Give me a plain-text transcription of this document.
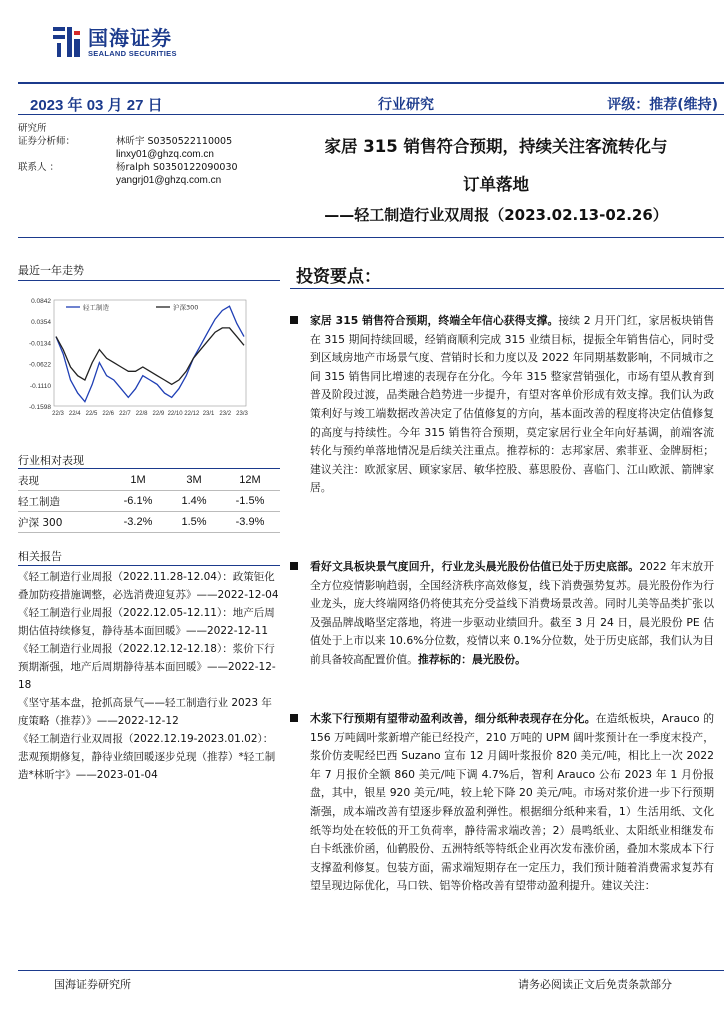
国海证券
SEALAND SECURITIES
2023 年 03 月 27 日	行业研究	评级：推荐(维持)
研究所
证券分析师：	林昕宇 S0350522110005
linxy01@ghzq.com.cn
联系人 ：	杨ralph S0350122090030
yangrj01@ghzq.com.cn
家居 315 销售符合预期，持续关注客流转化与
订单落地
——轻工制造行业双周报（2023.02.13-02.26）
最近一年走势
0.0842
0.0354
-0.0134
-0.0622
-0.1110
-0.1598
22/3 22/4 22/5 22/6 22/7 22/8 22/9 22/10 22/12 23/1 23/2 23/3
轻工制造	沪深300
行业相对表现
表现	1M	3M	12M
轻工制造	-6.1%	1.4%	-1.5%
沪深 300	-3.2%	1.5%	-3.9%
相关报告
《轻工制造行业周报（2022.11.28-12.04）：政策钜化叠加防疫措施调整，必选消费迎复苏》——2022-12-04
《轻工制造行业周报（2022.12.05-12.11）：地产后周期估值持续修复，静待基本面回暖》——2022-12-11
《轻工制造行业周报（2022.12.12-12.18）：浆价下行预期渐强，地产后周期静待基本面回暖》——2022-12-18
《坚守基本盘，抢抓高景气——轻工制造行业 2023 年度策略（推荐）》——2022-12-12
《轻工制造行业双周报（2022.12.19-2023.01.02）：悲观预期修复，静待业绩回暖逐步兑现（推荐）*轻工制造*林昕宇》——2023-01-04
投资要点：
家居 315 销售符合预期，终端全年信心获得支撑。接续 2 月开门红，家居板块销售在 315 期间持续回暖，经销商顺利完成 315 业绩目标，提振全年销售信心，同时受到区域房地产市场景气度、营销时长和力度以及 2022 年同期基数影响，不同城市之间 315 销售同比增速的表现存在分化。今年 315 整家营销强化，市场有望从教育到普及阶段过渡，品类融合趋势进一步提升，有望对客单价形成有效支撑。我们认为政策利好与竣工端数据改善决定了估值修复的方向，基本面改善的程度将决定估值修复的高度与持续性。今年 315 销售符合预期，莫定家居行业全年向好基调，前端客流转化与预约单落地情况是后续关注重点。推荐标的：志邦家居、索菲亚、金牌厨柜；建议关注：欧派家居、顾家家居、敏华控股、慕思股份、喜临门、江山欧派、箭牌家居。
看好文具板块景气度回升，行业龙头晨光股份估值已处于历史底部。2022 年末放开全方位疫情影响趋弱，全国经济秩序高效修复，线下消费强势复苏。晨光股份作为行业龙头，庞大终端网络仍将使其充分受益线下消费场景改善。同时儿美等品类扩张以及强品牌战略坚定落地，将进一步驱动业绩回升。截至 3 月 24 日，晨光股份 PE 估值处于上市以来 10.6%分位数，疫情以来 0.1%分位数，处于历史底部，我们认为目前具备较高配置价值。推荐标的：晨光股份。
木浆下行预期有望带动盈利改善，细分纸种表现存在分化。在造纸板块，Arauco 的 156 万吨阔叶浆新增产能已经投产，210 万吨的 UPM 阔叶浆预计在一季度末投产，浆价仿麦呢经巴西 Suzano 宣布 12 月阔叶浆报价 820 美元/吨，相比上一次 2022 年 7 月报价全额 860 美元/吨下调 4.7%后，智利 Arauco 公布 2023 年 1 月份报盘，其中，银星 920 美元/吨，较上轮下降 20 美元/吨。市场对浆价进一步下行预期渐强，成本端改善有望逐步释放盈利弹性。根据细分纸种来看，1）生活用纸、文化纸等均处在较低的开工负荷率，静待需求端改善；2）晨鸣纸业、太阳纸业相继发布白卡纸涨价函，仙鹤股份、五洲特纸等特纸企业再次发布涨价函，叠加木浆成本下行支撑盈利修复。包装方面，需求端短期存在一定压力，我们预计随着消费需求复苏有望呈现边际优化，马口铁、铝等价格改善有望带动盈利提升。建议关注：
国海证券研究所	请务必阅读正文后免责条款部分
